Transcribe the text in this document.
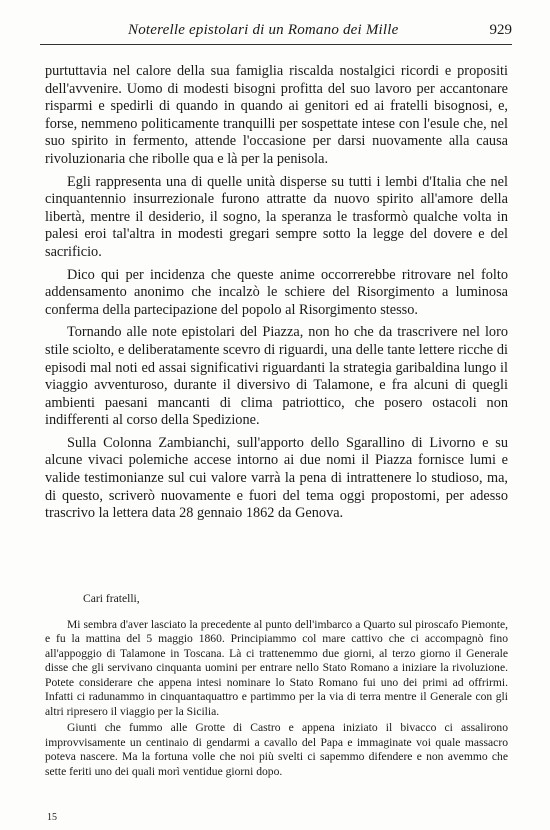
Noterelle epistolari di un Romano dei Mille	929

purtuttavia nel calore della sua famiglia riscalda nostalgici ricordi e propositi dell'avvenire. Uomo di modesti bisogni profitta del suo lavoro per accantonare risparmi e spedirli di quando in quando ai genitori ed ai fratelli bisognosi, e, forse, nemmeno politicamente tranquilli per sospettate intese con l'esule che, nel suo spirito in fermento, attende l'occasione per darsi nuovamente alla causa rivoluzionaria che ribolle qua e là per la penisola.

Egli rappresenta una di quelle unità disperse su tutti i lembi d'Italia che nel cinquantennio insurrezionale furono attratte da nuovo spirito all'amore della libertà, mentre il desiderio, il sogno, la speranza le trasformò qualche volta in palesi eroi tal'altra in modesti gregari sempre sotto la legge del dovere e del sacrificio.

Dico qui per incidenza che queste anime occorrerebbe ritrovare nel folto addensamento anonimo che incalzò le schiere del Risorgimento a luminosa conferma della partecipazione del popolo al Risorgimento stesso.

Tornando alle note epistolari del Piazza, non ho che da trascrivere nel loro stile sciolto, e deliberatamente scevro di riguardi, una delle tante lettere ricche di episodi mal noti ed assai significativi riguardanti la strategia garibaldina lungo il viaggio avventuroso, durante il diversivo di Talamone, e fra alcuni di quegli ambienti paesani mancanti di clima patriottico, che posero ostacoli non indifferenti al corso della Spedizione.

Sulla Colonna Zambianchi, sull'apporto dello Sgarallino di Livorno e su alcune vivaci polemiche accese intorno ai due nomi il Piazza fornisce lumi e valide testimonianze sul cui valore varrà la pena di intrattenere lo studioso, ma, di questo, scriverò nuovamente e fuori del tema oggi propostomi, per adesso trascrivo la lettera data 28 gennaio 1862 da Genova.

Cari fratelli,

Mi sembra d'aver lasciato la precedente al punto dell'imbarco a Quarto sul piroscafo Piemonte, e fu la mattina del 5 maggio 1860. Principiammo col mare cattivo che ci accompagnò fino all'appoggio di Talamone in Toscana. Là ci trattenemmo due giorni, al terzo giorno il Generale disse che gli servivano cinquanta uomini per entrare nello Stato Romano a iniziare la rivoluzione. Potete considerare che appena intesi nominare lo Stato Romano fui uno dei primi ad offrirmi. Infatti ci radunammo in cinquantaquattro e partimmo per la via di terra mentre il Generale con gli altri ripresero il viaggio per la Sicilia.

Giunti che fummo alle Grotte di Castro e appena iniziato il bivacco ci assalirono improvvisamente un centinaio di gendarmi a cavallo del Papa e immaginate voi quale massacro poteva nascere. Ma la fortuna volle che noi più svelti ci sapemmo difendere e non avemmo che sette feriti uno dei quali morì ventidue giorni dopo.

15
